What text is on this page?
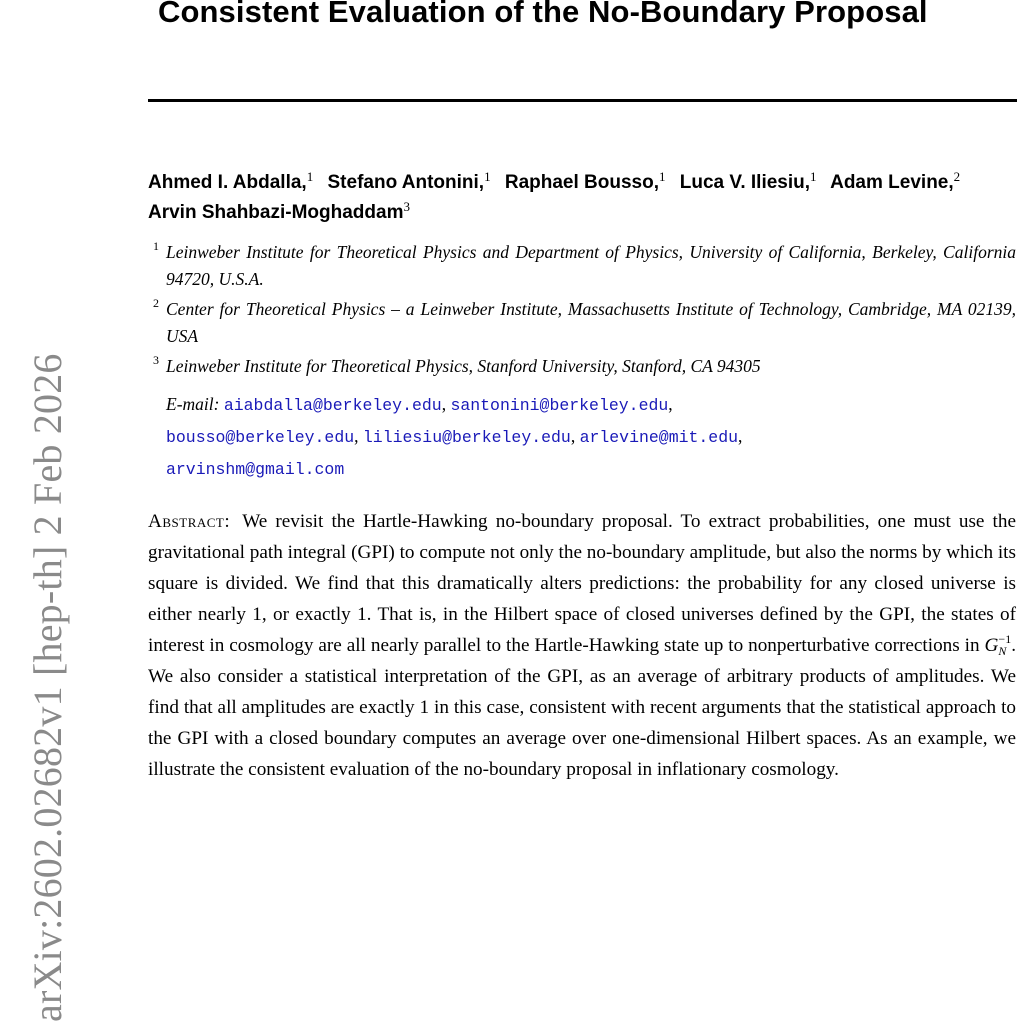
arXiv:2602.02682v1 [hep-th] 2 Feb 2026
Consistent Evaluation of the No-Boundary Proposal
Ahmed I. Abdalla,$^1$ Stefano Antonini,$^1$ Raphael Bousso,$^1$ Luca V. Iliesiu,$^1$ Adam Levine,$^2$ Arvin Shahbazi-Moghaddam$^3$
1 Leinweber Institute for Theoretical Physics and Department of Physics, University of California, Berkeley, California 94720, U.S.A.
2 Center for Theoretical Physics – a Leinweber Institute, Massachusetts Institute of Technology, Cambridge, MA 02139, USA
3 Leinweber Institute for Theoretical Physics, Stanford University, Stanford, CA 94305
E-mail: aiabdalla@berkeley.edu, santonini@berkeley.edu,
bousso@berkeley.edu, liliesiu@berkeley.edu, arlevine@mit.edu,
arvinshm@gmail.com
Abstract: We revisit the Hartle-Hawking no-boundary proposal. To extract probabilities, one must use the gravitational path integral (GPI) to compute not only the no-boundary amplitude, but also the norms by which its square is divided. We find that this dramatically alters predictions: the probability for any closed universe is either nearly 1, or exactly 1. That is, in the Hilbert space of closed universes defined by the GPI, the states of interest in cosmology are all nearly parallel to the Hartle-Hawking state up to nonperturbative corrections in $G_N^{-1}$. We also consider a statistical interpretation of the GPI, as an average of arbitrary products of amplitudes. We find that all amplitudes are exactly 1 in this case, consistent with recent arguments that the statistical approach to the GPI with a closed boundary computes an average over one-dimensional Hilbert spaces. As an example, we illustrate the consistent evaluation of the no-boundary proposal in inflationary cosmology.
